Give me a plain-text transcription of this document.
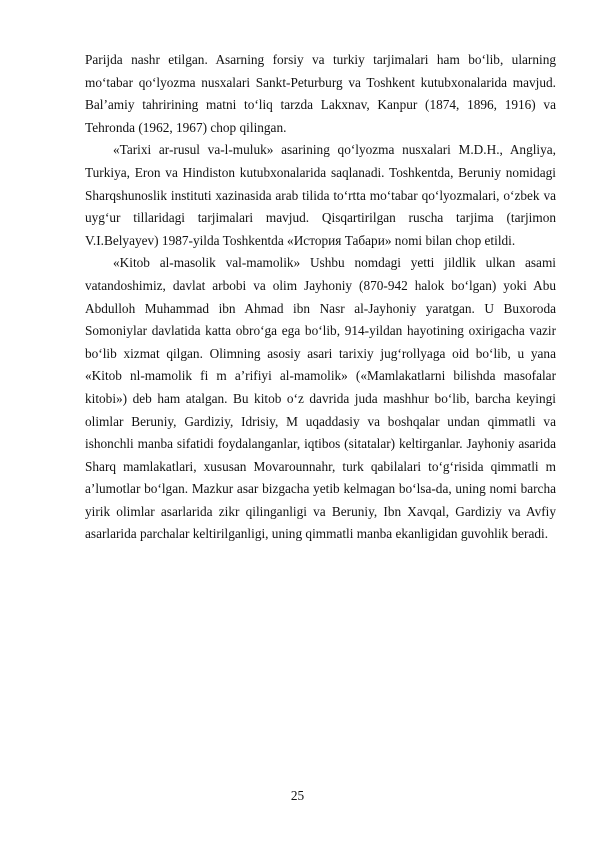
Parijda nashr etilgan. Asarning forsiy va turkiy tarjimalari ham bo‘lib, ularning mo‘tabar qo‘lyozma nusxalari Sankt-Peturburg va Toshkent kutubxonalarida mavjud. Bal’amiy tahririning matni to‘liq tarzda Lakxnav, Kanpur (1874, 1896, 1916) va Tehronda (1962, 1967) chop qilingan.

«Tarixi ar-rusul va-l-muluk» asarining qo‘lyozma nusxalari M.D.H., Angliya, Turkiya, Eron va Hindiston kutubxonalarida saqlanadi. Toshkentda, Beruniy nomidagi Sharqshunoslik instituti xazinasida arab tilida to‘rtta mo‘tabar qo‘lyozmalari, o‘zbek va uyg‘ur tillaridagi tarjimalari mavjud. Qisqartirilgan ruscha tarjima (tarjimon V.I.Belyayev) 1987-yilda Toshkentda «История Табари» nomi bilan chop etildi.

«Kitob al-masolik val-mamolik» Ushbu nomdagi yetti jildlik ulkan asami vatandoshimiz, davlat arbobi va olim Jayhoniy (870-942 halok bo‘lgan) yoki Abu Abdulloh Muhammad ibn Ahmad ibn Nasr al-Jayhoniy yaratgan. U Buxoroda Somoniylar davlatida katta obro‘ga ega bo‘lib, 914-yildan hayotining oxirigacha vazir bo‘lib xizmat qilgan. Olimning asosiy asari tarixiy jug‘rollyaga oid bo‘lib, u yana «Kitob nl-mamolik fi m a’rifiyi al-mamolik» («Mamlakatlarni bilishda masofalar kitobi») deb ham atalgan. Bu kitob o‘z davrida juda mashhur bo‘lib, barcha keyingi olimlar Beruniy, Gardiziy, Idrisiy, M uqaddasiy va boshqalar undan qimmatli va ishonchli manba sifatidi foydalanganlar, iqtibos (sitatalar) keltirganlar. Jayhoniy asarida Sharq mamlakatlari, xususan Movarounnahr, turk qabilalari to‘g‘risida qimmatli m a’lumotlar bo‘lgan. Mazkur asar bizgacha yetib kelmagan bo‘lsa-da, uning nomi barcha yirik olimlar asarlarida zikr qilinganligi va Beruniy, Ibn Xavqal, Gardiziy va Avfiy asarlarida parchalar keltirilganligi, uning qimmatli manba ekanligidan guvohlik beradi.

25
